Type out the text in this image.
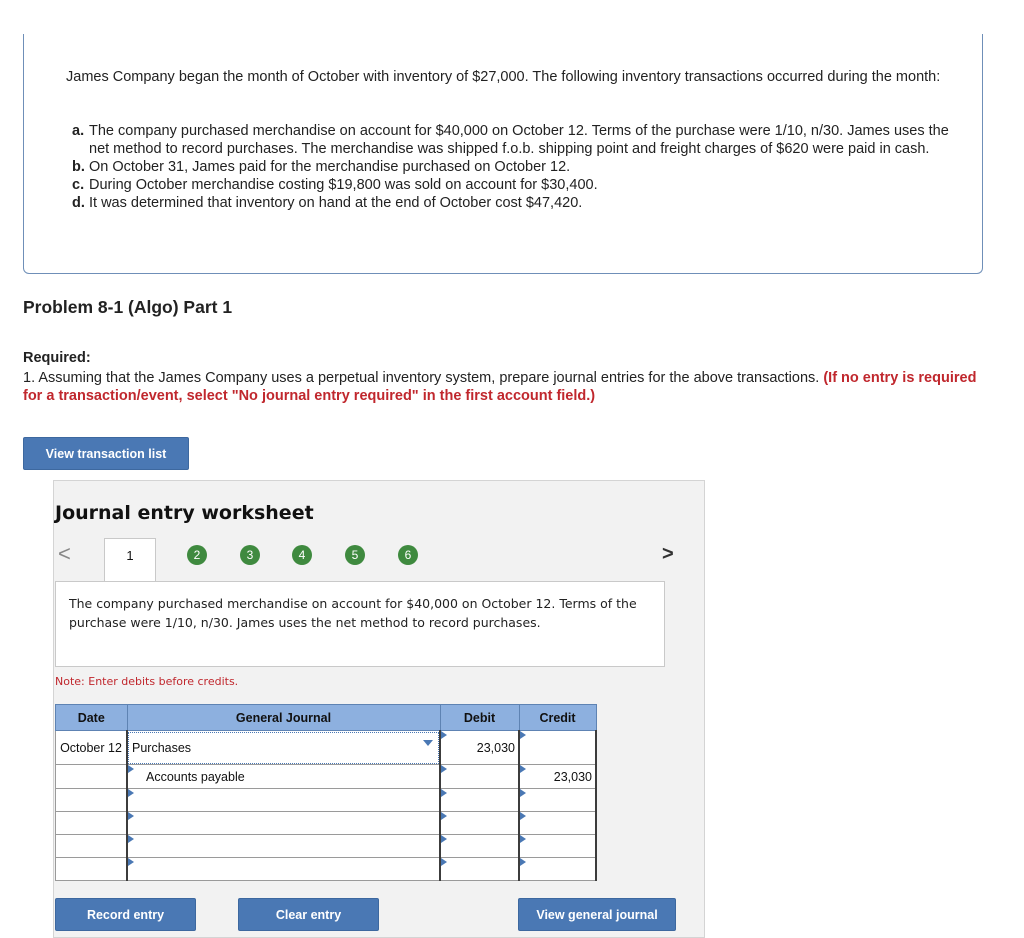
James Company began the month of October with inventory of $27,000. The following inventory transactions occurred during the month:
a. The company purchased merchandise on account for $40,000 on October 12. Terms of the purchase were 1/10, n/30. James uses the net method to record purchases. The merchandise was shipped f.o.b. shipping point and freight charges of $620 were paid in cash.
b. On October 31, James paid for the merchandise purchased on October 12.
c. During October merchandise costing $19,800 was sold on account for $30,400.
d. It was determined that inventory on hand at the end of October cost $47,420.
Problem 8-1 (Algo) Part 1
Required:
1. Assuming that the James Company uses a perpetual inventory system, prepare journal entries for the above transactions. (If no entry is required for a transaction/event, select "No journal entry required" in the first account field.)
View transaction list
Journal entry worksheet
<	1	2	3	4	5	6	>
The company purchased merchandise on account for $40,000 on October 12. Terms of the purchase were 1/10, n/30. James uses the net method to record purchases.
Note: Enter debits before credits.
Date	General Journal	Debit	Credit
October 12	Purchases	23,030	

Accounts payable		23,030

Record entry	Clear entry	View general journal
